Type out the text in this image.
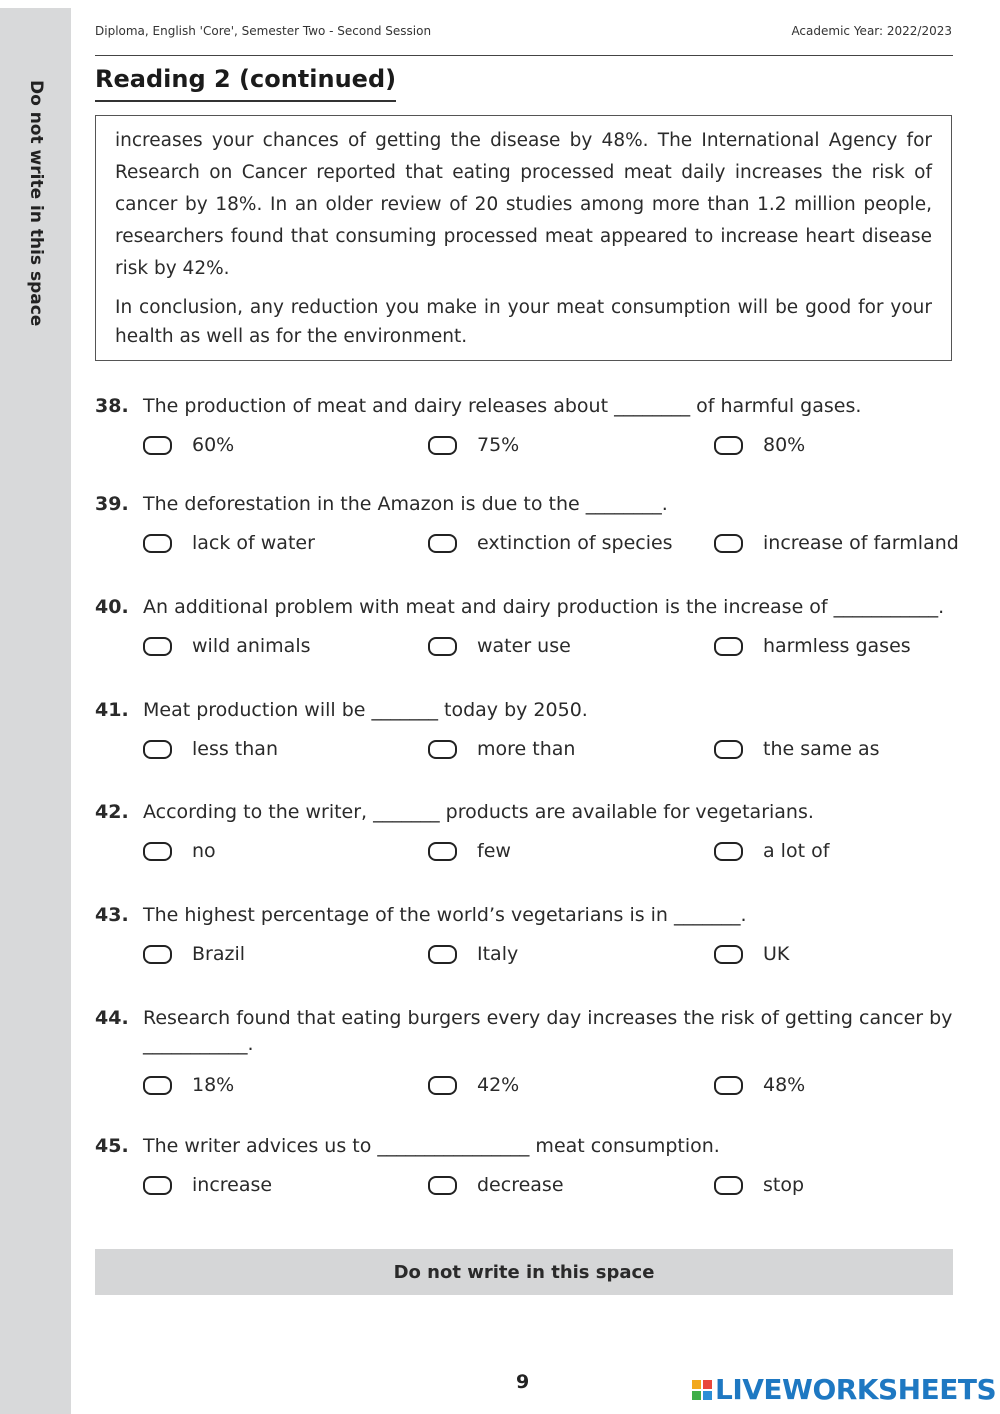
Do not write in this space
Diploma, English 'Core', Semester Two - Second Session	Academic Year: 2022/2023
Reading 2 (continued)

increases your chances of getting the disease by 48%. The International Agency for Research on Cancer reported that eating processed meat daily increases the risk of cancer by 18%. In an older review of 20 studies among more than 1.2 million people, researchers found that consuming processed meat appeared to increase heart disease risk by 42%.

In conclusion, any reduction you make in your meat consumption will be good for your health as well as for the environment.

38. The production of meat and dairy releases about ________ of harmful gases.
60%	75%	80%
39. The deforestation in the Amazon is due to the ________.
lack of water	extinction of species	increase of farmland
40. An additional problem with meat and dairy production is the increase of ___________.
wild animals	water use	harmless gases
41. Meat production will be _______ today by 2050.
less than	more than	the same as
42. According to the writer, _______ products are available for vegetarians.
no	few	a lot of
43. The highest percentage of the world’s vegetarians is in _______.
Brazil	Italy	UK
44. Research found that eating burgers every day increases the risk of getting cancer by
___________.
18%	42%	48%
45. The writer advices us to ________________ meat consumption.
increase	decrease	stop
Do not write in this space
9	LIVEWORKSHEETS
